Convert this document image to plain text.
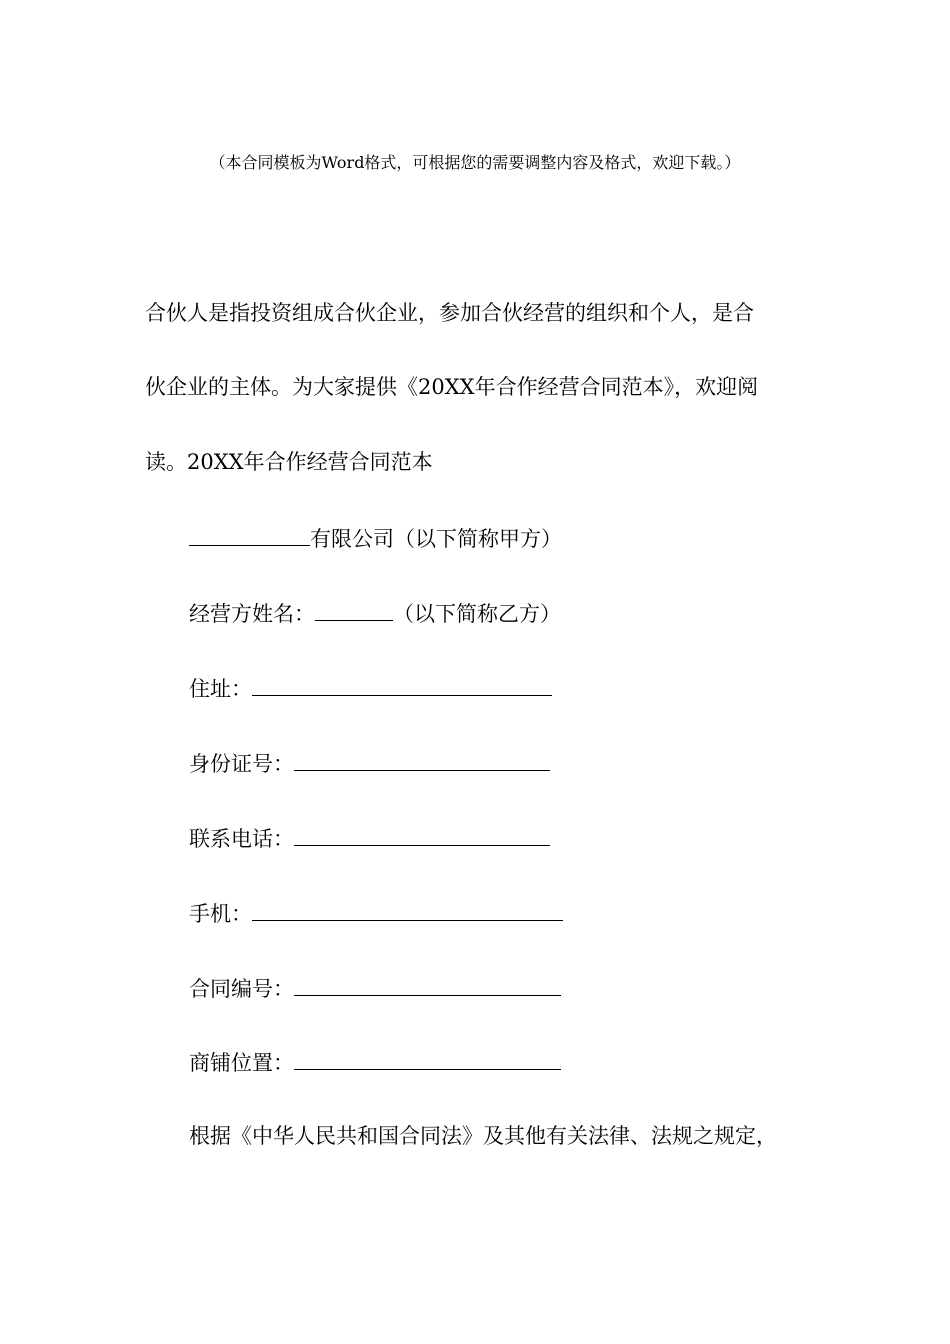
（本合同模板为Word格式，可根据您的需要调整内容及格式，欢迎下载。）
合伙人是指投资组成合伙企业，参加合伙经营的组织和个人，是合
伙企业的主体。为大家提供《20XX年合作经营合同范本》，欢迎阅
读。20XX年合作经营合同范本
有限公司（以下简称甲方）
经营方姓名：	（以下简称乙方）
住址：
身份证号：
联系电话：
手机：
合同编号：
商铺位置：
根据《中华人民共和国合同法》及其他有关法律、法规之规定，
